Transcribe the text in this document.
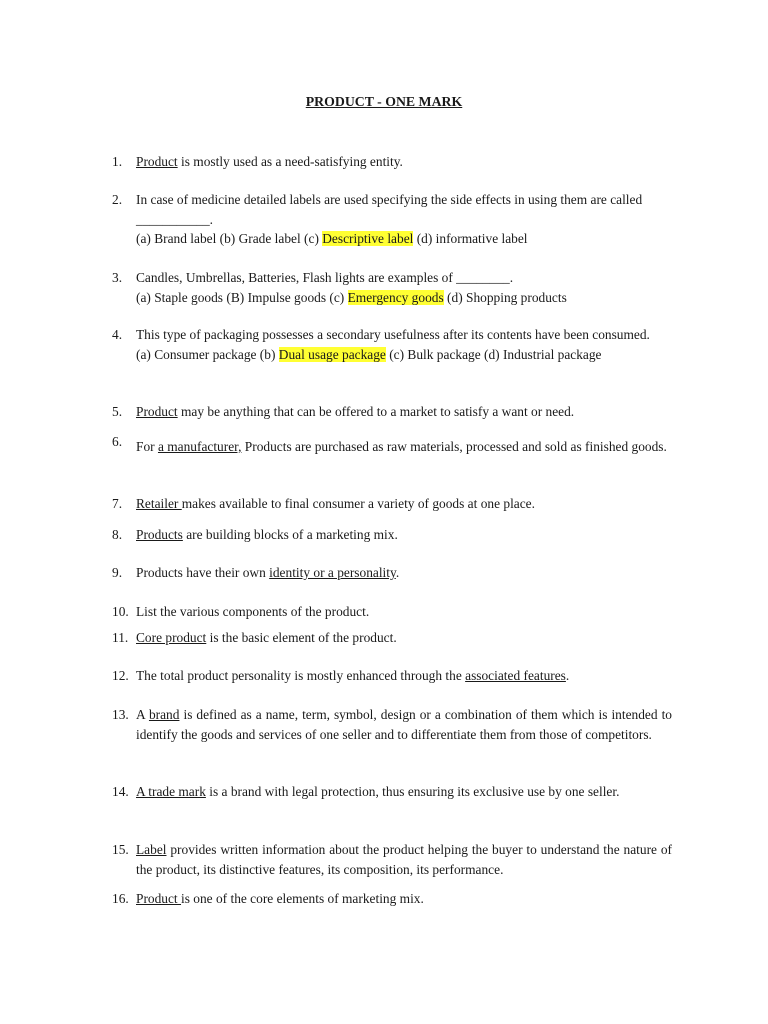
PRODUCT - ONE MARK
1. Product is mostly used as a need-satisfying entity.
2. In case of medicine detailed labels are used specifying the side effects in using them are called ___________.
(a) Brand label (b) Grade label (c) Descriptive label (d) informative label
3. Candles, Umbrellas, Batteries, Flash lights are examples of ________.
(a) Staple goods (B) Impulse goods (c) Emergency goods (d) Shopping products
4. This type of packaging possesses a secondary usefulness after its contents have been consumed.
(a) Consumer package (b) Dual usage package (c) Bulk package (d) Industrial package
5. Product may be anything that can be offered to a market to satisfy a want or need.
6. For a manufacturer, Products are purchased as raw materials, processed and sold as finished goods.
7. Retailer makes available to final consumer a variety of goods at one place.
8. Products are building blocks of a marketing mix.
9. Products have their own identity or a personality.
10. List the various components of the product.
11. Core product is the basic element of the product.
12. The total product personality is mostly enhanced through the associated features.
13. A brand is defined as a name, term, symbol, design or a combination of them which is intended to identify the goods and services of one seller and to differentiate them from those of competitors.
14. A trade mark is a brand with legal protection, thus ensuring its exclusive use by one seller.
15. Label provides written information about the product helping the buyer to understand the nature of the product, its distinctive features, its composition, its performance.
16. Product is one of the core elements of marketing mix.
